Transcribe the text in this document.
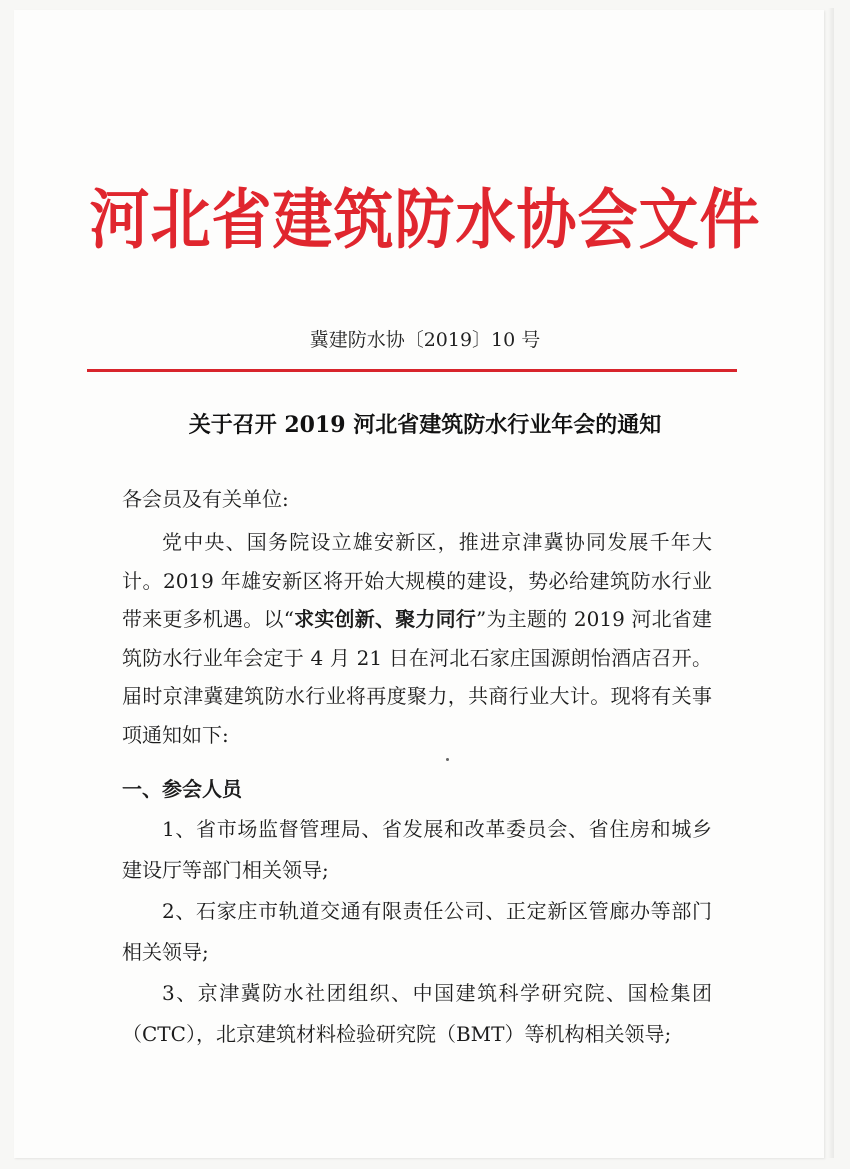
河北省建筑防水协会文件
冀建防水协〔2019〕10 号
关于召开 2019 河北省建筑防水行业年会的通知
各会员及有关单位:
党中央、国务院设立雄安新区，推进京津冀协同发展千年大计。2019 年雄安新区将开始大规模的建设，势必给建筑防水行业带来更多机遇。以“求实创新、聚力同行”为主题的 2019 河北省建筑防水行业年会定于 4 月 21 日在河北石家庄国源朗怡酒店召开。届时京津冀建筑防水行业将再度聚力，共商行业大计。现将有关事项通知如下:
一、参会人员
1、省市场监督管理局、省发展和改革委员会、省住房和城乡建设厅等部门相关领导;
2、石家庄市轨道交通有限责任公司、正定新区管廊办等部门相关领导;
3、京津冀防水社团组织、中国建筑科学研究院、国检集团（CTC），北京建筑材料检验研究院（BMT）等机构相关领导;
